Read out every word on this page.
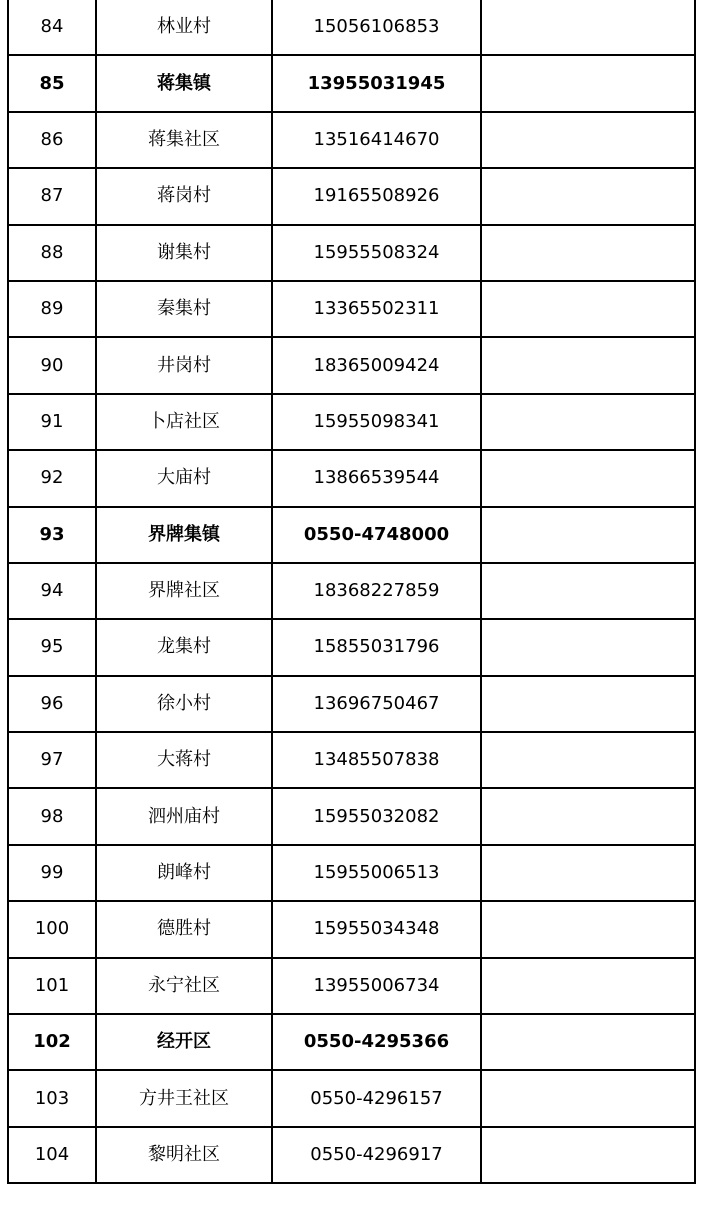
84	林业村	15056106853	
85	蒋集镇	13955031945	
86	蒋集社区	13516414670	
87	蒋岗村	19165508926	
88	谢集村	15955508324	
89	秦集村	13365502311	
90	井岗村	18365009424	
91	卜店社区	15955098341	
92	大庙村	13866539544	
93	界牌集镇	0550-4748000	
94	界牌社区	18368227859	
95	龙集村	15855031796	
96	徐小村	13696750467	
97	大蒋村	13485507838	
98	泗州庙村	15955032082	
99	朗峰村	15955006513	
100	德胜村	15955034348	
101	永宁社区	13955006734	
102	经开区	0550-4295366	
103	方井王社区	0550-4296157	
104	黎明社区	0550-4296917	
